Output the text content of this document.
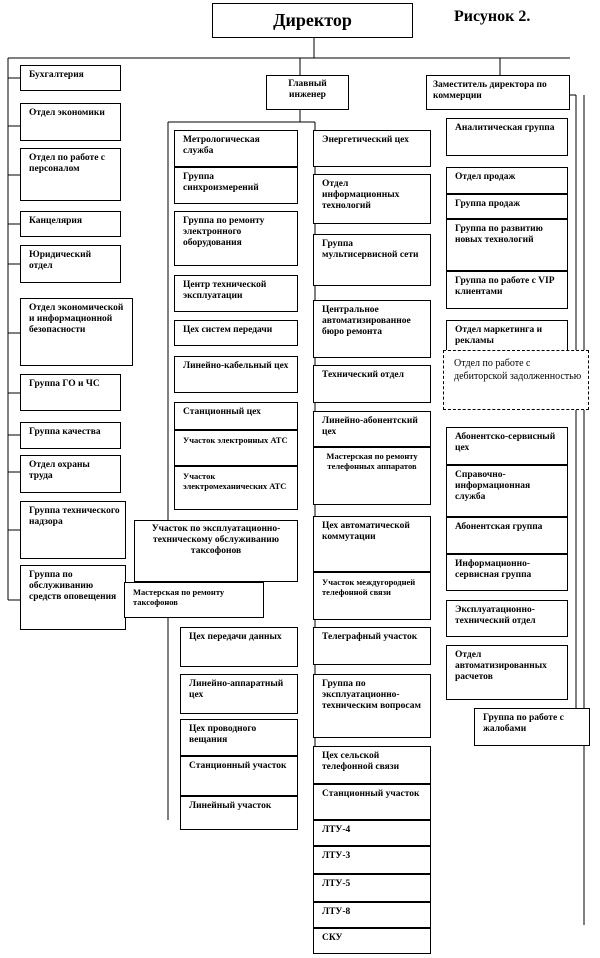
Директор	Рисунок 2.
Бухгалтерия
Отдел экономики
Отдел по работе с персоналом
Канцелярия
Юридический отдел
Отдел экономической и информационной безопасности
Группа ГО и ЧС
Группа качества
Отдел охраны труда
Группа технического надзора
Группа по обслуживанию средств оповещения
Главный инженер
Заместитель директора по коммерции
Метрологическая служба
Группа синхроизмерений
Группа по ремонту электронного оборудования
Центр технической эксплуатации
Цех систем передачи
Линейно-кабельный цех
Станционный цех
Участок электронных АТС
Участок электромеханических АТС
Участок по эксплуатационно-техническому обслуживанию таксофонов
Мастерская по ремонту таксофонов
Цех передачи данных
Линейно-аппаратный цех
Цех проводного вещания
Станционный участок
Линейный участок
Энергетический цех
Отдел информационных технологий
Группа мультисервисной сети
Центральное автоматизированное бюро ремонта
Технический отдел
Линейно-абонентский цех
Мастерская по ремонту телефонных аппаратов
Цех автоматической коммутации
Участок междугородней телефонной связи
Телеграфный участок
Группа по эксплуатационно-техническим вопросам
Цех сельской телефонной связи
Станционный участок
ЛТУ-4
ЛТУ-3
ЛТУ-5
ЛТУ-8
СКУ
Аналитическая группа
Отдел продаж
Группа продаж
Группа по развитию новых технологий
Группа по работе с VIP клиентами
Отдел маркетинга и рекламы
Отдел по работе с дебиторской задолженностью
Абонентско-сервисный цех
Справочно-информационная служба
Абонентская группа
Информационно-сервисная группа
Эксплуатационно-технический отдел
Отдел автоматизированных расчетов
Группа по работе с жалобами
